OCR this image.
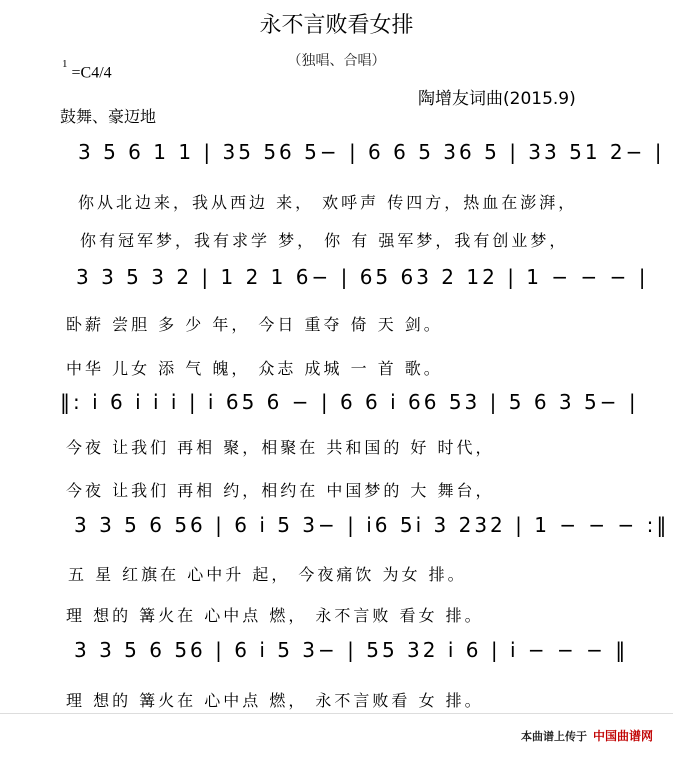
永不言败看女排
（独唱、合唱）
$^1$ =C4/4
陶增友词曲(2015.9)
鼓舞、豪迈地
3 5 6 1 1 | 35 56 5− | 6 6 5 36 5 | 33 51 2− |
你从北边来，我从西边 来， 欢呼声 传四方，热血在澎湃，
你有冠军梦，我有求学 梦， 你 有 强军梦，我有创业梦，
3 3 5 3 2 | 1 2 1 6− | 65 63 2 12 | 1 − − − |
卧薪 尝胆 多 少 年， 今日 重夺 倚 天 剑。
中华 儿女 添 气 魄， 众志 成城 一 首 歌。
‖: i 6 i i i | i 65 6 − | 6 6 i 66 53 | 5 6 3 5− |
今夜 让我们 再相 聚，相聚在 共和国的 好 时代，
今夜 让我们 再相 约，相约在 中国梦的 大 舞台，
3 3 5 6 56 | 6 i 5 3− | i6 5i 3 232 | 1 − − − :‖
五 星 红旗在 心中升 起， 今夜痛饮 为女 排。
理 想的 篝火在 心中点 燃， 永不言败 看女 排。
3 3 5 6 56 | 6 i 5 3− | 55 32 i 6 | i − − − ‖
理 想的 篝火在 心中点 燃， 永不言败看 女 排。
本曲谱上传于 中国曲谱网
